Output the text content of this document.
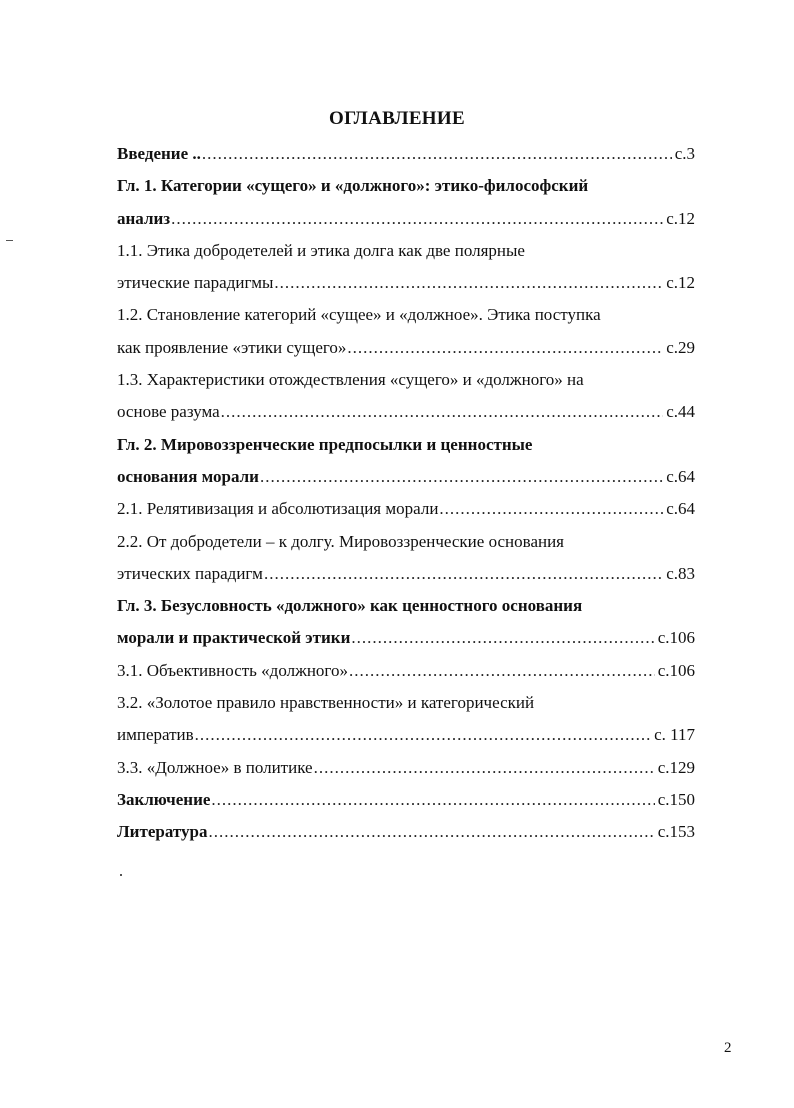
ОГЛАВЛЕНИЕ
Введение .. .....	с.3
Гл. 1. Категории «сущего» и «должного»: этико-философский
анализ .....	с.12
1.1. Этика добродетелей и этика долга как две полярные
этические парадигмы .....	с.12
1.2. Становление категорий «сущее» и «должное». Этика поступка
как проявление «этики сущего» .....	с.29
1.3. Характеристики отождествления «сущего» и «должного» на
основе разума .....	с.44
Гл. 2. Мировоззренческие предпосылки и ценностные
основания морали .....	с.64
2.1. Релятивизация и абсолютизация морали .....	с.64
2.2. От добродетели – к долгу. Мировоззренческие основания
этических парадигм .....	с.83
Гл. 3. Безусловность «должного» как ценностного основания
морали и практической этики .....	с.106
3.1. Объективность «должного» .....	с.106
3.2. «Золотое правило нравственности» и категорический
императив .....	с. 117
3.3. «Должное» в политике .....	с.129
Заключение .....	с.150
Литература .....	с.153
2
